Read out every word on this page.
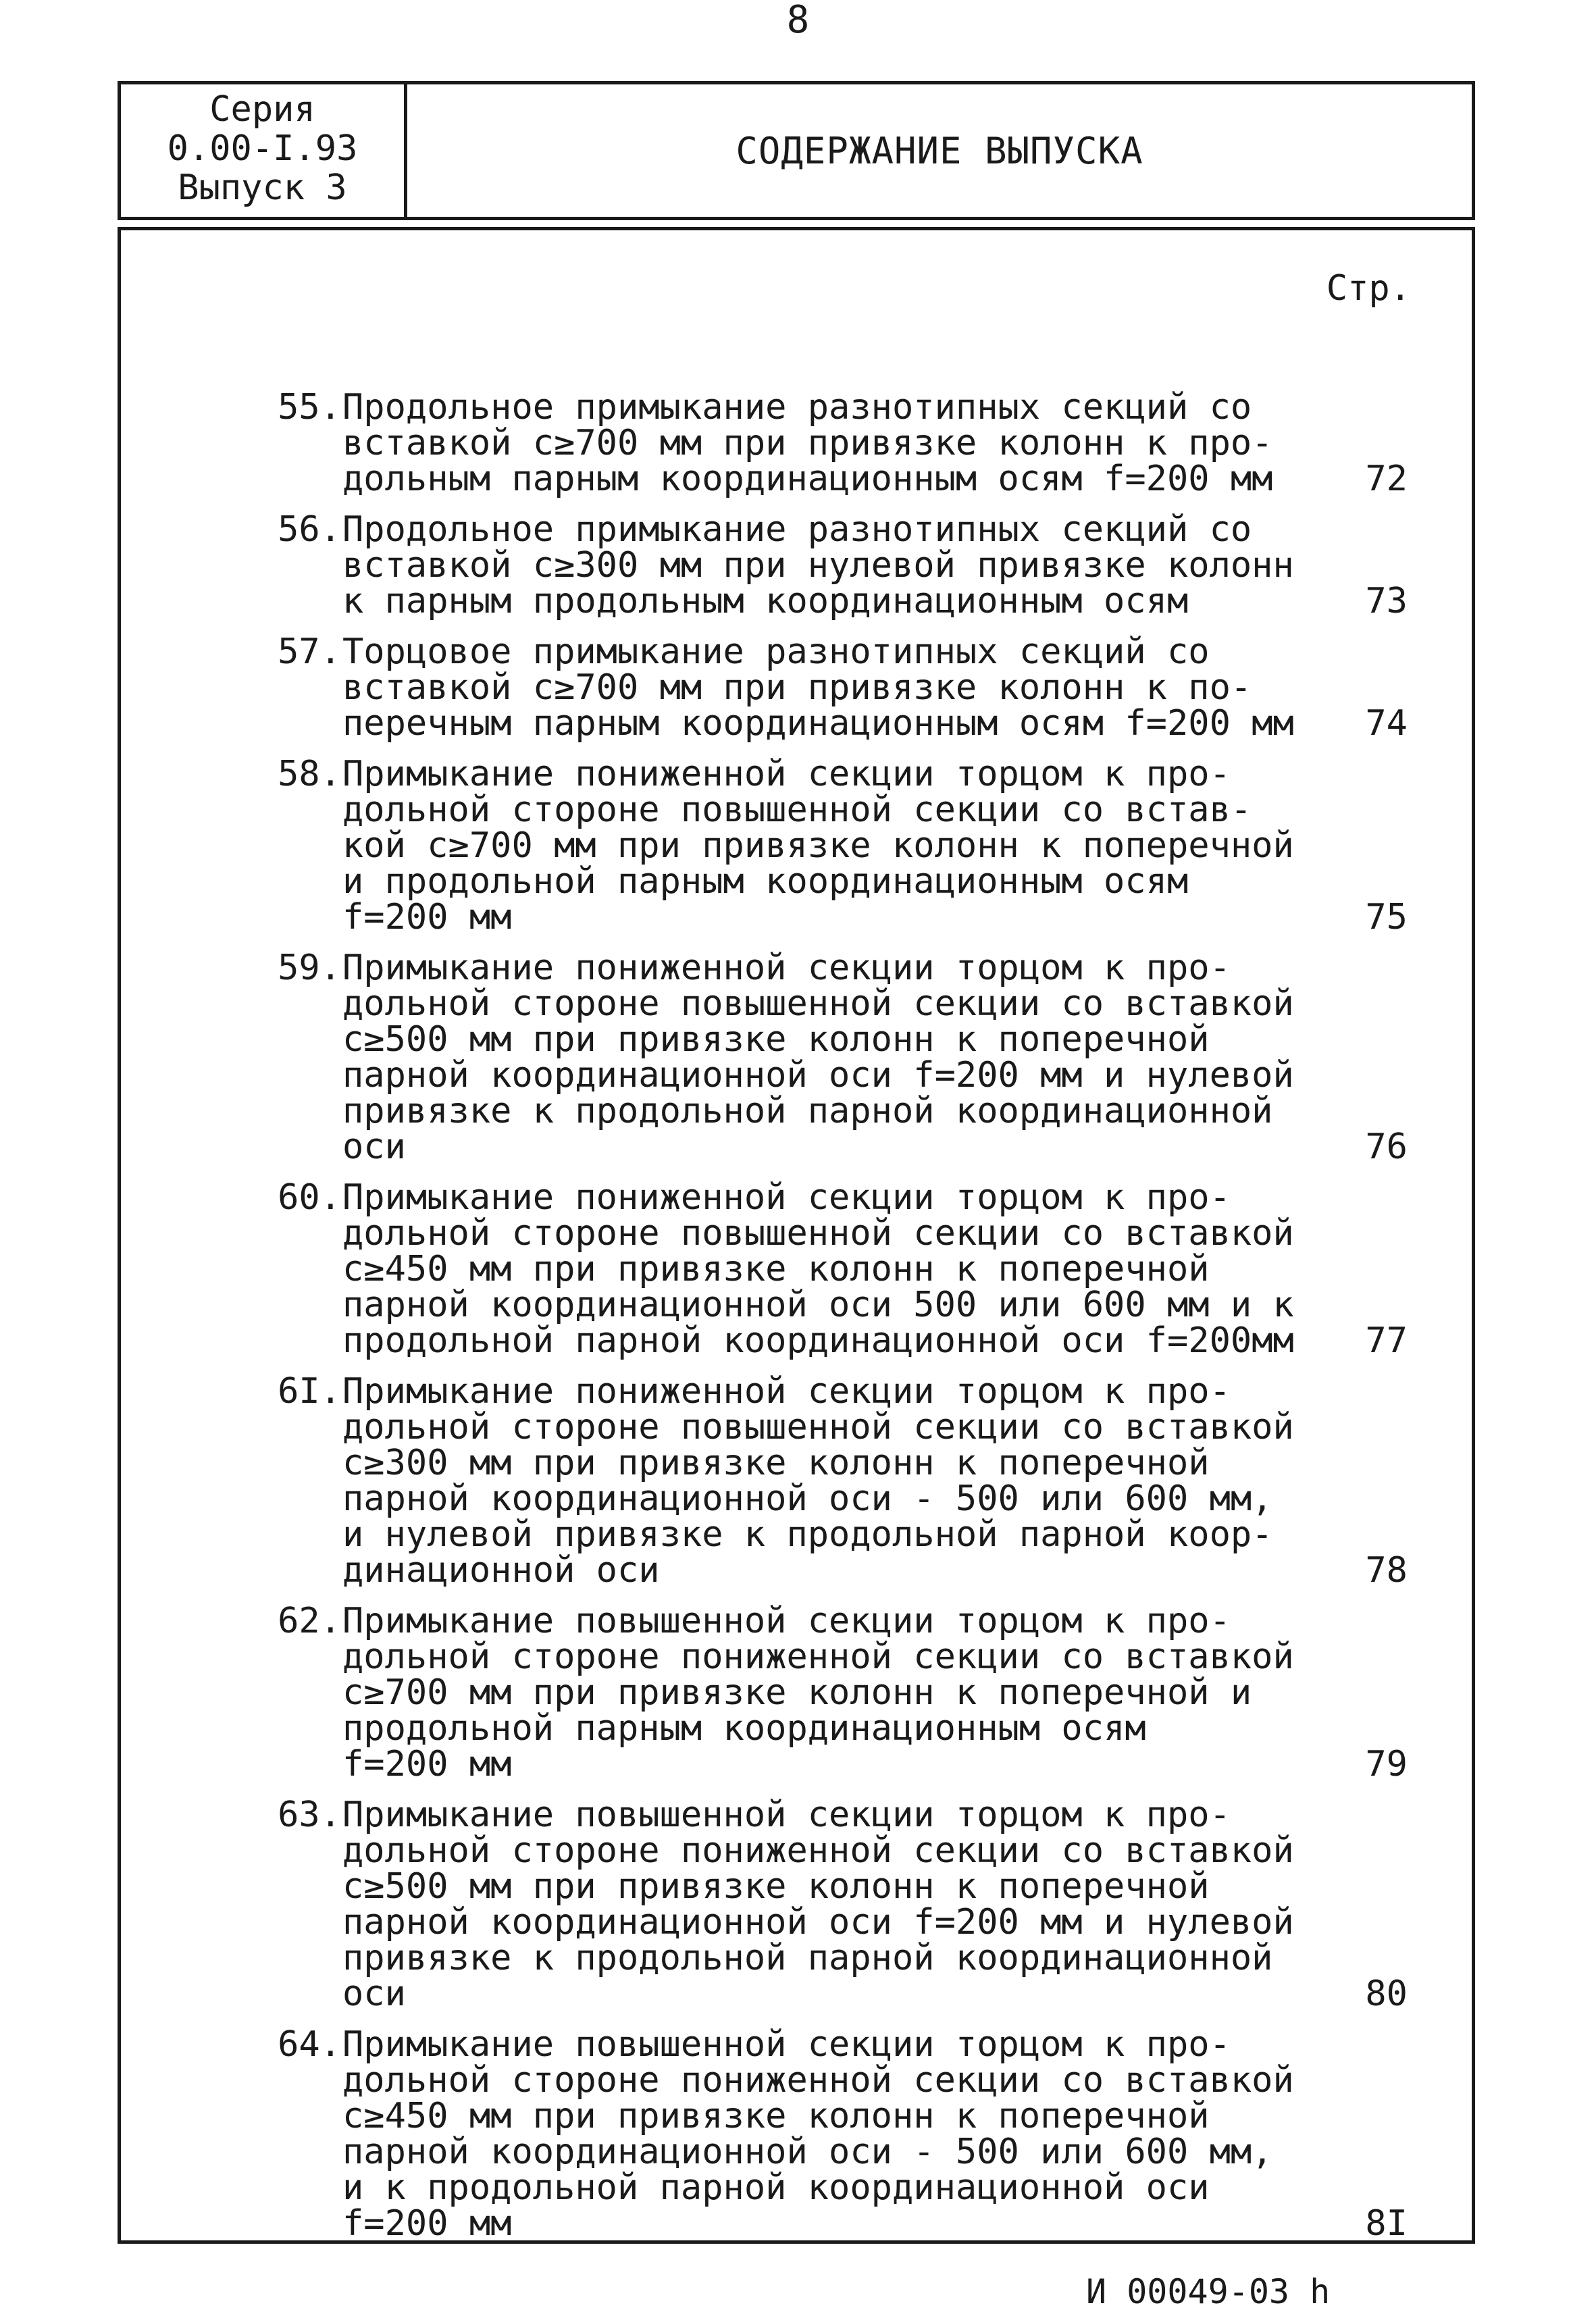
8
Серия
0.00-I.93
Выпуск 3
СОДЕРЖАНИЕ ВЫПУСКА
Стр.
55. Продольное примыкание разнотипных секций со
вставкой с≥700 мм при привязке колонн к про-
дольным парным координационным осям f=200 мм	72
56. Продольное примыкание разнотипных секций со
вставкой с≥300 мм при нулевой привязке колонн
к парным продольным координационным осям	73
57. Торцовое примыкание разнотипных секций со
вставкой с≥700 мм при привязке колонн к по-
перечным парным координационным осям f=200 мм 74
58. Примыкание пониженной секции торцом к про-
дольной стороне повышенной секции со встав-
кой с≥700 мм при привязке колонн к поперечной
и продольной парным координационным осям
f=200 мм	75
59. Примыкание пониженной секции торцом к про-
дольной стороне повышенной секции со вставкой
с≥500 мм при привязке колонн к поперечной
парной координационной оси f=200 мм и нулевой
привязке к продольной парной координационной
оси	76
60. Примыкание пониженной секции торцом к про-
дольной стороне повышенной секции со вставкой
с≥450 мм при привязке колонн к поперечной
парной координационной оси 500 или 600 мм и к
продольной парной координационной оси f=200мм 77
6I. Примыкание пониженной секции торцом к про-
дольной стороне повышенной секции со вставкой
с≥300 мм при привязке колонн к поперечной
парной координационной оси - 500 или 600 мм,
и нулевой привязке к продольной парной коор-
динационной оси	78
62. Примыкание повышенной секции торцом к про-
дольной стороне пониженной секции со вставкой
с≥700 мм при привязке колонн к поперечной и
продольной парным координационным осям
f=200 мм	79
63. Примыкание повышенной секции торцом к про-
дольной стороне пониженной секции со вставкой
с≥500 мм при привязке колонн к поперечной
парной координационной оси f=200 мм и нулевой
привязке к продольной парной координационной
оси	80
64. Примыкание повышенной секции торцом к про-
дольной стороне пониженной секции со вставкой
с≥450 мм при привязке колонн к поперечной
парной координационной оси - 500 или 600 мм,
и к продольной парной координационной оси
f=200 мм	8I
И 00049-03 h
